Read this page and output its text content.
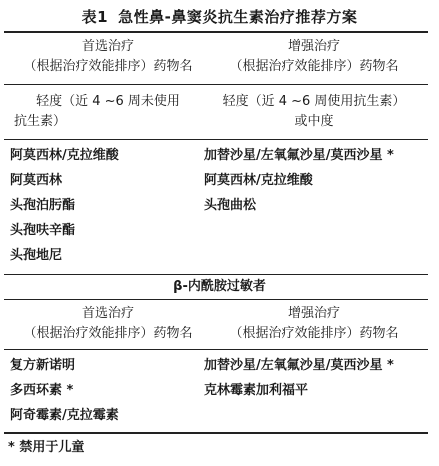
表1 急性鼻-鼻窦炎抗生素治疗推荐方案
首选治疗
（根据治疗效能排序）药物名
增强治疗
（根据治疗效能排序）药物名
轻度（近 4 ~6 周未使用
抗生素）
轻度（近 4 ~6 周使用抗生素）
或中度
阿莫西林/克拉维酸
阿莫西林
头孢泊肟酯
头孢呋辛酯
头孢地尼
加替沙星/左氧氟沙星/莫西沙星 *
阿莫西林/克拉维酸
头孢曲松
β-内酰胺过敏者
首选治疗
（根据治疗效能排序）药物名
增强治疗
（根据治疗效能排序）药物名
复方新诺明
多西环素 *
阿奇霉素/克拉霉素
加替沙星/左氧氟沙星/莫西沙星 *
克林霉素加利福平
* 禁用于儿童
